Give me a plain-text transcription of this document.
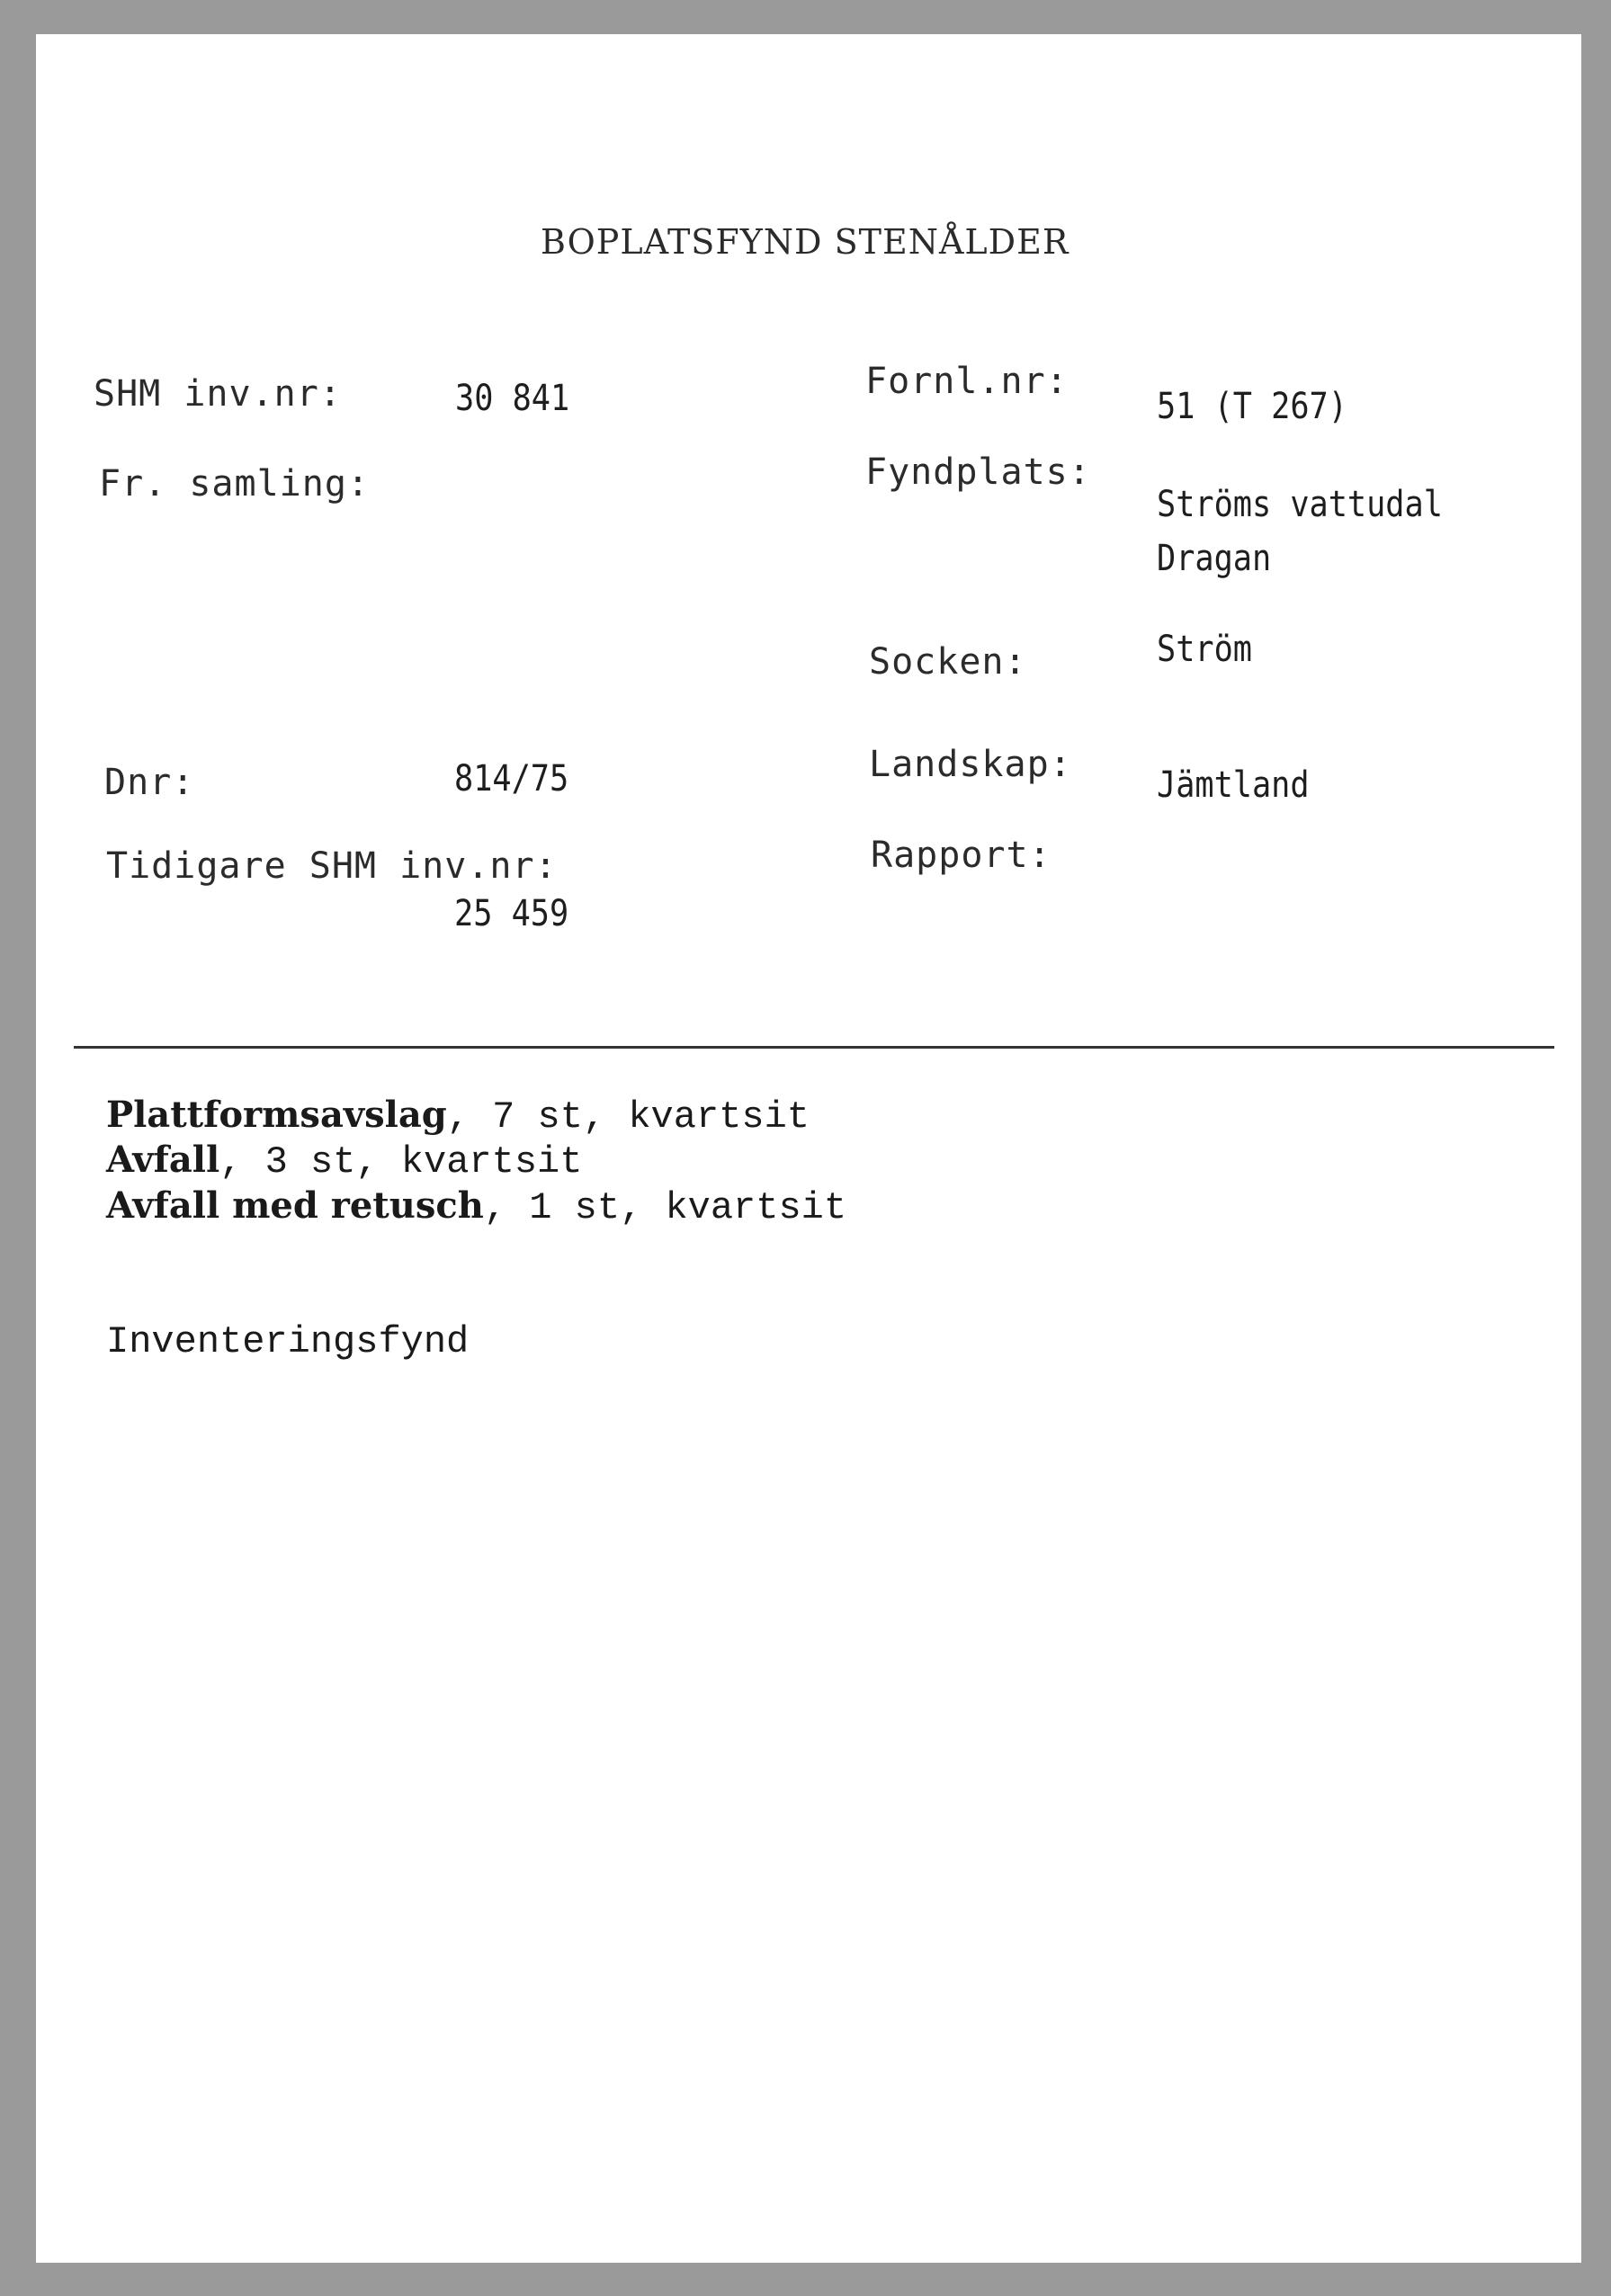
BOPLATSFYND STENÅLDER
SHM inv.nr:	30 841
Fr. samling:
Dnr:	814/75
Tidigare SHM inv.nr:
25 459
Fornl.nr:
51 (T 267)
Fyndplats:
Ströms vattudal
Dragan
Socken:	Ström
Landskap: Jämtland
Rapport:
Plattformsavslag, 7 st, kvartsit
Avfall, 3 st, kvartsit
Avfall med retusch, 1 st, kvartsit
Inventeringsfynd
